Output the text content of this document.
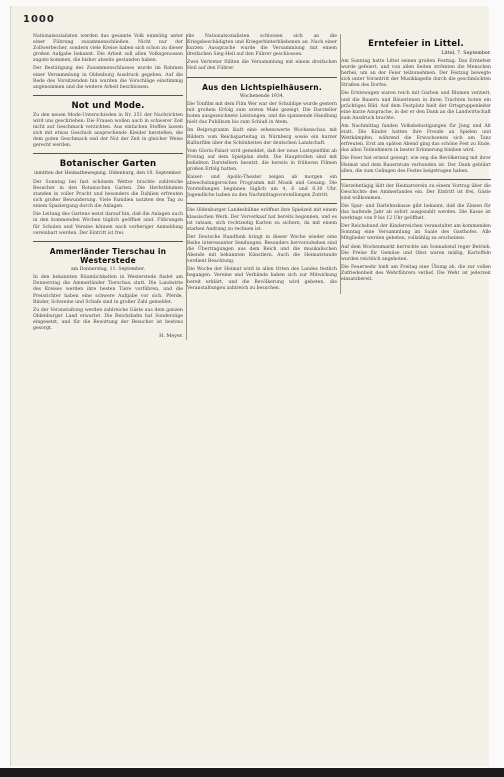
1000

Nationalsozialisten werden das gesamte Volk einmütig unter einer Führung zusammenschließen. Nicht nur der Zollwerbecher, sondern viele Kreise haben sich schon zu dieser großen Aufgabe bekannt. Die Arbeit soll allen Volksgenossen zugute kommen, die bisher abseits gestanden haben.

Der Bestätigung des Zusammenschlusses wurde im Rahmen einer Versammlung in Oldenburg Ausdruck gegeben. Auf die Rede des Vorsitzenden hin wurden die Vorschläge einstimmig angenommen und die weitere Arbeit beschlossen.

Not und Mode.

Zu den neuen Mode-Unterschieden in Nr. 251 der Nachrichten wird uns geschrieben: Die Frauen wollen auch in schwerer Zeit nicht auf Geschmack verzichten. Aus einfachen Stoffen lassen sich mit etwas Geschick ansprechende Kleider herstellen, die dem guten Geschmack und der Not der Zeit in gleicher Weise gerecht werden.

Botanischer Garten
inmitten der Heimatbewegung. Oldenburg, den 10. September.

Der Sonntag bei fast schönem Wetter brachte zahlreiche Besucher in den Botanischen Garten. Die Herbstblumen standen in voller Pracht und besonders die Dahlien erfreuten sich großer Bewunderung. Viele Familien nutzten den Tag zu einem Spaziergang durch die Anlagen.

Die Leitung des Gartens weist darauf hin, daß die Anlagen auch in den kommenden Wochen täglich geöffnet sind. Führungen für Schulen und Vereine können nach vorheriger Anmeldung vereinbart werden. Der Eintritt ist frei.

Ammerländer Tierschau in Westerstede
am Donnerstag, 11. September.

In den bekannten Räumlichkeiten in Westerstede findet am Donnerstag die Ammerländer Tierschau statt. Die Landwirte des Kreises werden ihre besten Tiere vorführen, und die Preisrichter haben eine schwere Aufgabe vor sich. Pferde, Rinder, Schweine und Schafe sind in großer Zahl gemeldet.

Zu der Veranstaltung werden zahlreiche Gäste aus dem ganzen Oldenburger Land erwartet. Die Reichsbahn hat Sonderzüge eingesetzt, und für die Bewirtung der Besucher ist bestens gesorgt.

H. Meyer.

die Nationalsozialisten schlossen sich an die Kriegsbeschädigten und Kriegerhinterbliebenen an. Nach einer kurzen Aussprache wurde die Versammlung mit einem dreifachen Sieg-Heil auf den Führer geschlossen.

Zwei Vertreter füllten die Versammlung mit einem dreifachen Heil auf den Führer.

Aus den Lichtspielhäusern.
Wochenende 1934.

Die Tonfilm mit dem Film Wer war der Schuldige wurde gestern mit großem Erfolg zum ersten Male gezeigt. Die Darsteller boten ausgezeichnete Leistungen, und die spannende Handlung hielt das Publikum bis zum Schluß in Atem.

Im Beiprogramm läuft eine sehenswerte Wochenschau mit Bildern vom Reichsparteitag in Nürnberg sowie ein kurzer Kulturfilm über die Schönheiten der deutschen Landschaft.

Vom Gloria-Palast wird gemeldet, daß der neue Lustspielfilm ab Freitag auf dem Spielplan steht. Die Hauptrollen sind mit beliebten Darstellern besetzt, die bereits in früheren Filmen großen Erfolg hatten.

Kaiser- und Apollo-Theater zeigen ab morgen ein abwechslungsreiches Programm mit Musik und Gesang. Die Vorstellungen beginnen täglich um 4, 6 und 8.30 Uhr. Jugendliche haben zu den Nachmittagsvorstellungen Zutritt.

Die Oldenburger Landesbühne eröffnet ihre Spielzeit mit einem klassischen Werk. Der Vorverkauf hat bereits begonnen, und es ist ratsam, sich rechtzeitig Karten zu sichern, da mit einem starken Andrang zu rechnen ist.

Der Deutsche Rundfunk bringt in dieser Woche wieder eine Reihe interessanter Sendungen. Besonders hervorzuheben sind die Übertragungen aus dem Reich und die musikalischen Abende mit bekannten Künstlern. Auch die Heimatstunde verdient Beachtung.

Die Woche der Heimat wird in allen Orten des Landes festlich begangen. Vereine und Verbände haben sich zur Mitwirkung bereit erklärt, und die Bevölkerung wird gebeten, die Veranstaltungen zahlreich zu besuchen.

Erntefeier in Littel.
Littel, 7. September.

Am Sonntag hatte Littel seinen großen Festtag. Das Erntefest wurde gefeiert, und von allen Seiten strömten die Menschen herbei, um an der Feier teilzunehmen. Der Festzug bewegte sich unter Vorantritt der Musikkapelle durch die geschmückten Straßen des Dorfes.

Die Erntewagen waren reich mit Garben und Blumen verziert, und die Bauern und Bäuerinnen in ihren Trachten boten ein prächtiges Bild. Auf dem Festplatz hielt der Ortsgruppenleiter eine kurze Ansprache, in der er den Dank an die Landwirtschaft zum Ausdruck brachte.

Am Nachmittag fanden Volksbelustigungen für Jung und Alt statt. Die Kinder hatten ihre Freude an Spielen und Wettkämpfen, während die Erwachsenen sich am Tanz erfreuten. Erst am späten Abend ging das schöne Fest zu Ende, das allen Teilnehmern in bester Erinnerung bleiben wird.

Die Feier hat erneut gezeigt, wie eng die Bevölkerung mit ihrer Heimat und dem Bauerntum verbunden ist. Der Dank gebührt allen, die zum Gelingen des Festes beigetragen haben.

Vierzehntägig lädt der Heimatverein zu einem Vortrag über die Geschichte des Ammerlandes ein. Der Eintritt ist frei, Gäste sind willkommen.

Die Spar- und Darlehnskasse gibt bekannt, daß die Zinsen für das laufende Jahr ab sofort ausgezahlt werden. Die Kasse ist werktags von 9 bis 12 Uhr geöffnet.

Der Reichsbund der Kinderreichen veranstaltet am kommenden Sonntag eine Versammlung im Saale des Gasthofes. Alle Mitglieder werden gebeten, vollzählig zu erscheinen.

Auf dem Wochenmarkt herrschte am Sonnabend reger Betrieb. Die Preise für Gemüse und Obst waren mäßig, Kartoffeln wurden reichlich angeboten.

Die Feuerwehr hielt am Freitag eine Übung ab, die zur vollen Zufriedenheit des Wehrführers verlief. Die Wehr ist jederzeit einsatzbereit.
